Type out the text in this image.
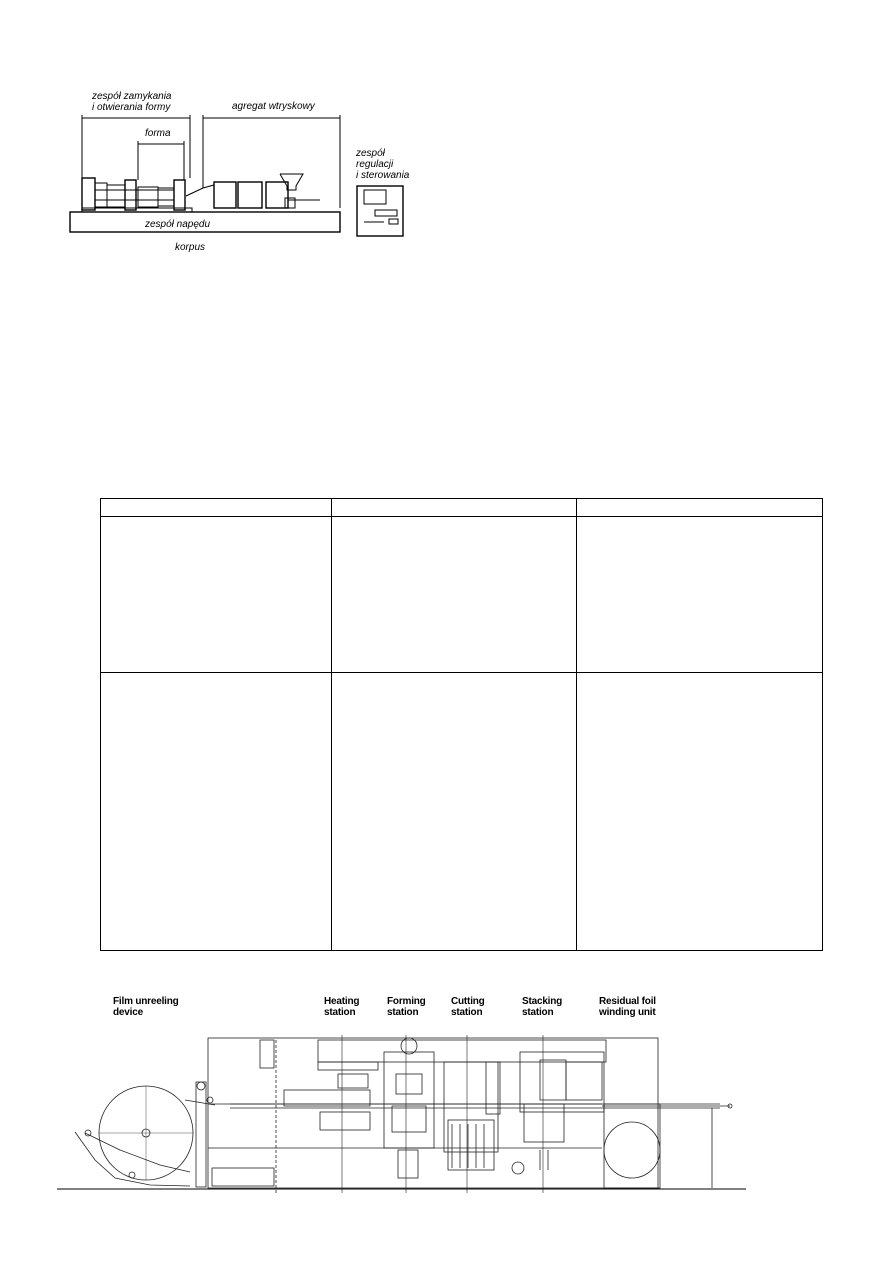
zespół zamykania
i otwierania formy	agregat wtryskowy
forma
zespół
regulacji
i sterowania
zespół napędu
korpus

Film unreeling
device
Heating
station
Forming
station
Cutting
station
Stacking
station
Residual foil
winding unit
